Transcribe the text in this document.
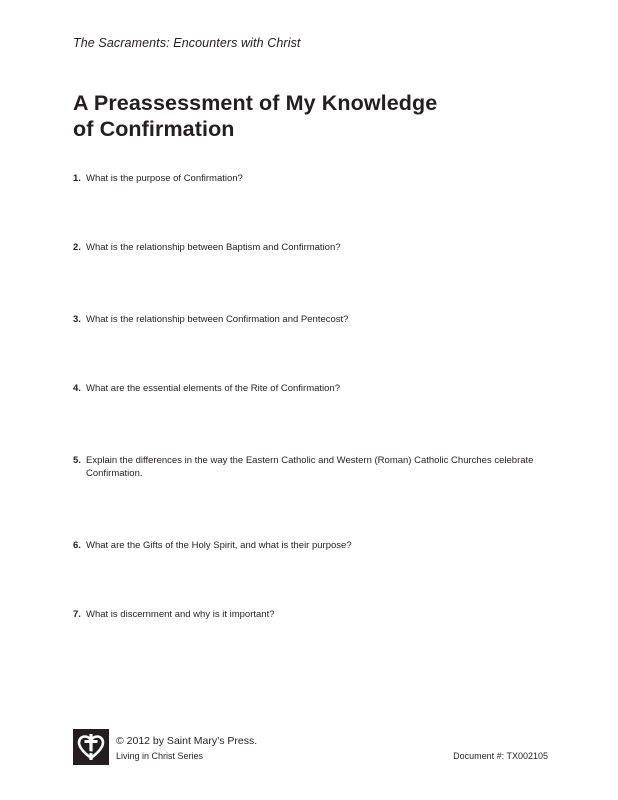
The Sacraments: Encounters with Christ
A Preassessment of My Knowledge
of Confirmation
1. What is the purpose of Confirmation?
2. What is the relationship between Baptism and Confirmation?
3. What is the relationship between Confirmation and Pentecost?
4. What are the essential elements of the Rite of Confirmation?
5. Explain the differences in the way the Eastern Catholic and Western (Roman) Catholic Churches celebrate Confirmation.
6. What are the Gifts of the Holy Spirit, and what is their purpose?
7. What is discernment and why is it important?
© 2012 by Saint Mary’s Press.
Living in Christ Series	Document #: TX002105
